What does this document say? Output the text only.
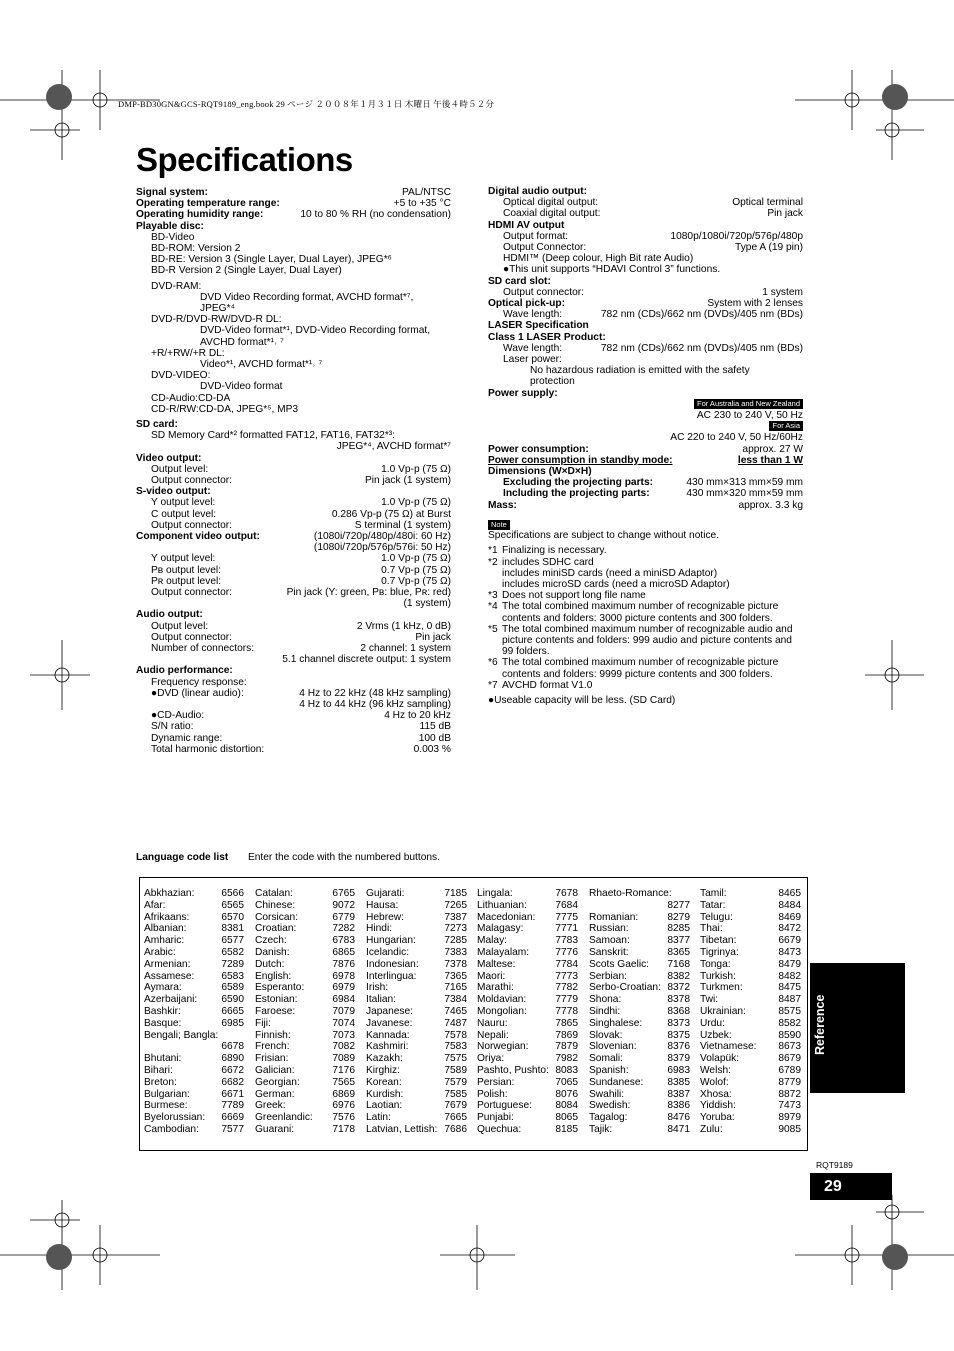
DMP-BD30GN&GCS-RQT9189_eng.book 29 ページ ２００８年１月３１日 木曜日 午後４時５２分
Specifications
Signal system:	PAL/NTSC
Operating temperature range:	+5 to +35 °C
Operating humidity range:	10 to 80 % RH (no condensation)
Playable disc:
BD-Video
BD-ROM: Version 2
BD-RE: Version 3 (Single Layer, Dual Layer), JPEG*⁶
BD-R Version 2 (Single Layer, Dual Layer)
DVD-RAM:
DVD Video Recording format, AVCHD format*⁷,
JPEG*⁴
DVD-R/DVD-RW/DVD-R DL:
DVD-Video format*¹, DVD-Video Recording format,
AVCHD format*¹˒ ⁷
+R/+RW/+R DL:
Video*¹, AVCHD format*¹˒ ⁷
DVD-VIDEO:
DVD-Video format
CD-Audio:CD-DA
CD-R/RW:CD-DA, JPEG*⁵, MP3
SD card:
SD Memory Card*² formatted FAT12, FAT16, FAT32*³:
JPEG*⁴, AVCHD format*⁷
Video output:
Output level:	1.0 Vp-p (75 Ω)
Output connector:	Pin jack (1 system)
S-video output:
Y output level:	1.0 Vp-p (75 Ω)
C output level:	0.286 Vp-p (75 Ω) at Burst
Output connector:	S terminal (1 system)
Component video output:	(1080i/720p/480p/480i: 60 Hz)
(1080i/720p/576p/576i: 50 Hz)
Y output level:	1.0 Vp-p (75 Ω)
Pʙ output level:	0.7 Vp-p (75 Ω)
Pʀ output level:	0.7 Vp-p (75 Ω)
Output connector:	Pin jack (Y: green, Pʙ: blue, Pʀ: red)
(1 system)
Audio output:
Output level:	2 Vrms (1 kHz, 0 dB)
Output connector:	Pin jack
Number of connectors:	2 channel: 1 system
5.1 channel discrete output: 1 system
Audio performance:
Frequency response:
●DVD (linear audio):	4 Hz to 22 kHz (48 kHz sampling)
4 Hz to 44 kHz (96 kHz sampling)
●CD-Audio:	4 Hz to 20 kHz
S/N ratio:	115 dB
Dynamic range:	100 dB
Total harmonic distortion:	0.003 %
Digital audio output:
Optical digital output:	Optical terminal
Coaxial digital output:	Pin jack
HDMI AV output
Output format:	1080p/1080i/720p/576p/480p
Output Connector:	Type A (19 pin)
HDMI™ (Deep colour, High Bit rate Audio)
●This unit supports “HDAVI Control 3” functions.
SD card slot:
Output connector:	1 system
Optical pick-up:	System with 2 lenses
Wave length:	782 nm (CDs)/662 nm (DVDs)/405 nm (BDs)
LASER Specification
Class 1 LASER Product:
Wave length:	782 nm (CDs)/662 nm (DVDs)/405 nm (BDs)
Laser power:
No hazardous radiation is emitted with the safety
protection
Power supply:
For Australia and New Zealand
AC 230 to 240 V, 50 Hz
For Asia
AC 220 to 240 V, 50 Hz/60Hz
Power consumption:	approx. 27 W
Power consumption in standby mode:	less than 1 W
Dimensions (W×D×H)
Excluding the projecting parts:	430 mm×313 mm×59 mm
Including the projecting parts:	430 mm×320 mm×59 mm
Mass:	approx. 3.3 kg
Note
Specifications are subject to change without notice.
*1 Finalizing is necessary.
*2 includes SDHC card
includes miniSD cards (need a miniSD Adaptor)
includes microSD cards (need a microSD Adaptor)
*3 Does not support long file name
*4 The total combined maximum number of recognizable picture contents and folders: 3000 picture contents and 300 folders.
*5 The total combined maximum number of recognizable audio and picture contents and folders: 999 audio and picture contents and 99 folders.
*6 The total combined maximum number of recognizable picture contents and folders: 9999 picture contents and 300 folders.
*7 AVCHD format V1.0
●Useable capacity will be less. (SD Card)
Language code list Enter the code with the numbered buttons.
Abkhazian:	6566
Afar:	6565
Afrikaans:	6570
Albanian:	8381
Amharic:	6577
Arabic:	6582
Armenian:	7289
Assamese:	6583
Aymara:	6589
Azerbaijani: 6590
Bashkir:	6665
Basque:	6985
Bengali; Bangla:
6678
Bhutani:	6890
Bihari:	6672
Breton:	6682
Bulgarian:	6671
Burmese:	7789
Byelorussian: 6669
Cambodian: 7577
Catalan:	6765
Chinese:	9072
Corsican:	6779
Croatian:	7282
Czech:	6783
Danish:	6865
Dutch:	7876
English:	6978
Esperanto:	6979
Estonian:	6984
Faroese:	7079
Fiji:	7074
Finnish:	7073
French:	7082
Frisian:	7089
Galician:	7176
Georgian:	7565
German:	6869
Greek:	6976
Greenlandic: 7576
Guarani:	7178
Gujarati:	7185
Hausa:	7265
Hebrew:	7387
Hindi:	7273
Hungarian:	7285
Icelandic:	7383
Indonesian:	7378
Interlingua:	7365
Irish:	7165
Italian:	7384
Japanese:	7465
Javanese:	7487
Kannada:	7578
Kashmiri:	7583
Kazakh:	7575
Kirghiz:	7589
Korean:	7579
Kurdish:	7585
Laotian:	7679
Latin:	7665
Latvian, Lettish: 7686
Lingala:	7678
Lithuanian:	7684
Macedonian: 7775
Malagasy:	7771
Malay:	7783
Malayalam:	7776
Maltese:	7784
Maori:	7773
Marathi:	7782
Moldavian:	7779
Mongolian:	7778
Nauru:	7865
Nepali:	7869
Norwegian:	7879
Oriya:	7982
Pashto, Pushto: 8083
Persian:	7065
Polish:	8076
Portuguese: 8084
Punjabi:	8065
Quechua:	8185
Rhaeto-Romance:
8277
Romanian:	8279
Russian:	8285
Samoan:	8377
Sanskrit:	8365
Scots Gaelic: 7168
Serbian:	8382
Serbo-Croatian: 8372
Shona:	8378
Sindhi:	8368
Singhalese: 8373
Slovak:	8375
Slovenian:	8376
Somali:	8379
Spanish:	6983
Sundanese: 8385
Swahili:	8387
Swedish:	8386
Tagalog:	8476
Tajik:	8471
Tamil:	8465
Tatar:	8484
Telugu:	8469
Thai:	8472
Tibetan:	6679
Tigrinya:	8473
Tonga:	8479
Turkish:	8482
Turkmen:	8475
Twi:	8487
Ukrainian:	8575
Urdu:	8582
Uzbek:	8590
Vietnamese: 8673
Volapük:	8679
Welsh:	6789
Wolof:	8779
Xhosa:	8872
Yiddish:	7473
Yoruba:	8979
Zulu:	9085
Reference
RQT9189
29
